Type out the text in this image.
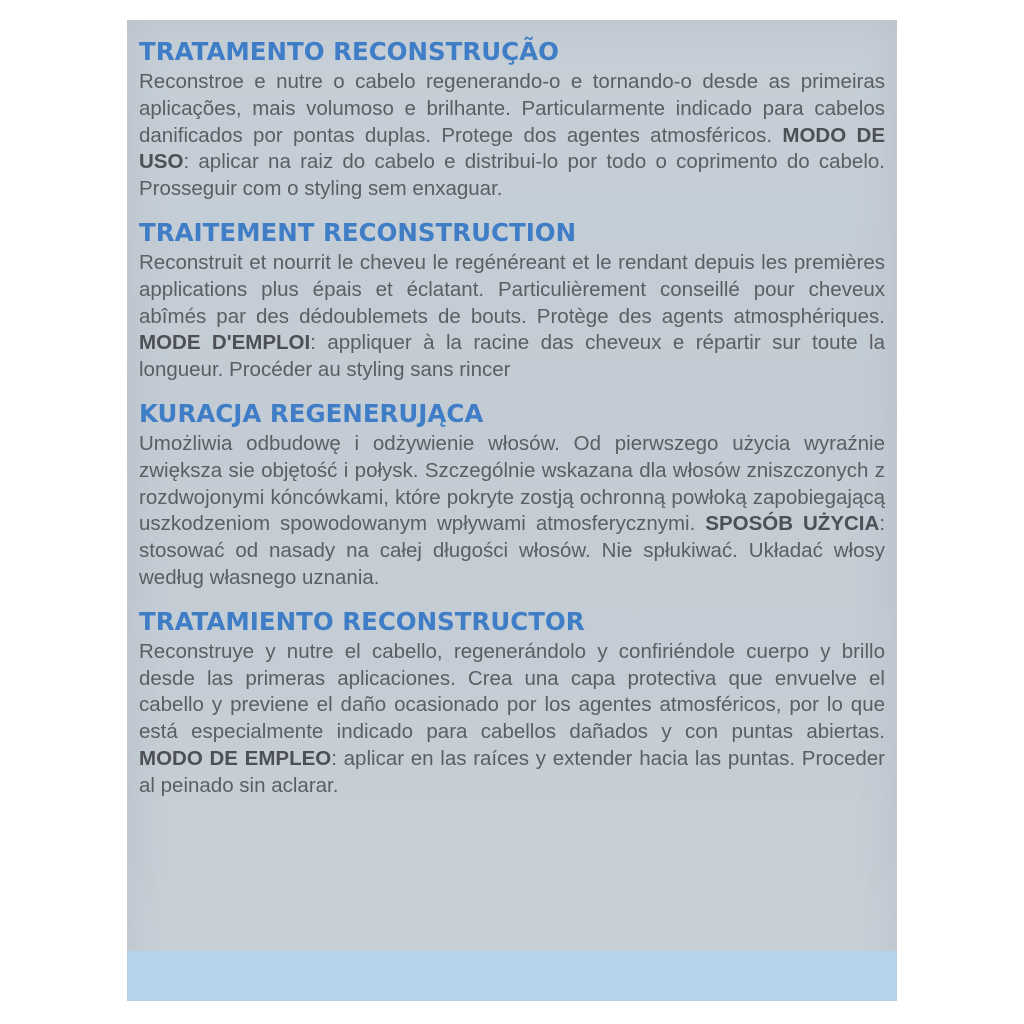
TRATAMENTO RECONSTRUÇÃO

Reconstroe e nutre o cabelo regenerando-o e tornando-o desde as primeiras aplicações, mais volumoso e brilhante. Particularmente indicado para cabelos danificados por pontas duplas. Protege dos agentes atmosféricos. MODO DE USO: aplicar na raiz do cabelo e distribui-lo por todo o coprimento do cabelo. Prosseguir com o styling sem enxaguar.

TRAITEMENT RECONSTRUCTION

Reconstruit et nourrit le cheveu le regénéreant et le rendant depuis les premières applications plus épais et éclatant. Particulièrement conseillé pour cheveux abîmés par des dédoublemets de bouts. Protège des agents atmosphériques. MODE D'EMPLOI: appliquer à la racine das cheveux e répartir sur toute la longueur. Procéder au styling sans rincer

KURACJA REGENERUJĄCA

Umożliwia odbudowę i odżywienie włosów. Od pierwszego użycia wyraźnie zwiększa sie objętość i połysk. Szczególnie wskazana dla włosów zniszczonych z rozdwojonymi kóncówkami, które pokryte zostją ochronną powłoką zapobiegającą uszkodzeniom spowodowanym wpływami atmosferycznymi. SPOSÓB UŻYCIA: stosować od nasady na całej długości włosów. Nie spłukiwać. Układać włosy według własnego uznania.

TRATAMIENTO RECONSTRUCTOR

Reconstruye y nutre el cabello, regenerándolo y confiriéndole cuerpo y brillo desde las primeras aplicaciones. Crea una capa protectiva que envuelve el cabello y previene el daño ocasionado por los agentes atmosféricos, por lo que está especialmente indicado para cabellos dañados y con puntas abiertas. MODO DE EMPLEO: aplicar en las raíces y extender hacia las puntas. Proceder al peinado sin aclarar.
